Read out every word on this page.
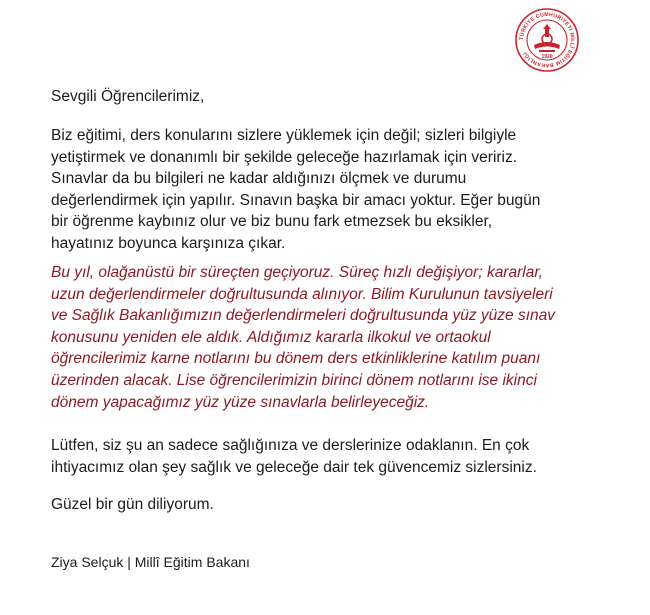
TÜRKİYE CUMHURİYETİ MİLLÎ EĞİTİM BAKANLIĞI
1920
Sevgili Öğrencilerimiz,
Biz eğitimi, ders konularını sizlere yüklemek için değil; sizleri bilgiyle
yetiştirmek ve donanımlı bir şekilde geleceğe hazırlamak için veririz.
Sınavlar da bu bilgileri ne kadar aldığınızı ölçmek ve durumu
değerlendirmek için yapılır. Sınavın başka bir amacı yoktur. Eğer bugün
bir öğrenme kaybınız olur ve biz bunu fark etmezsek bu eksikler,
hayatınız boyunca karşınıza çıkar.
Bu yıl, olağanüstü bir süreçten geçiyoruz. Süreç hızlı değişiyor; kararlar,
uzun değerlendirmeler doğrultusunda alınıyor. Bilim Kurulunun tavsiyeleri
ve Sağlık Bakanlığımızın değerlendirmeleri doğrultusunda yüz yüze sınav
konusunu yeniden ele aldık. Aldığımız kararla ilkokul ve ortaokul
öğrencilerimiz karne notlarını bu dönem ders etkinliklerine katılım puanı
üzerinden alacak. Lise öğrencilerimizin birinci dönem notlarını ise ikinci
dönem yapacağımız yüz yüze sınavlarla belirleyeceğiz.
Lütfen, siz şu an sadece sağlığınıza ve derslerinize odaklanın. En çok
ihtiyacımız olan şey sağlık ve geleceğe dair tek güvencemiz sizlersiniz.
Güzel bir gün diliyorum.
Ziya Selçuk | Millî Eğitim Bakanı
